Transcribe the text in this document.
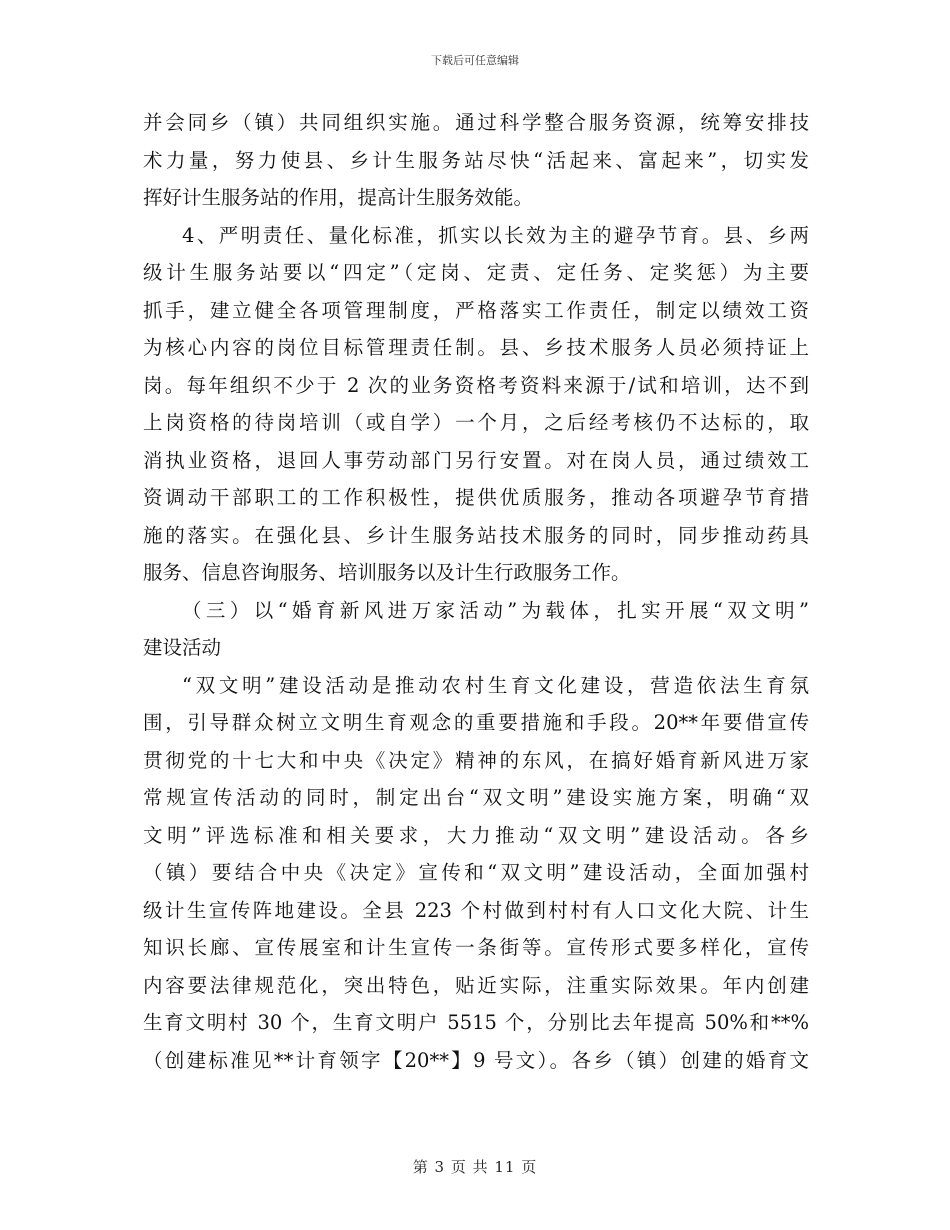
下载后可任意编辑
并会同乡（镇）共同组织实施。通过科学整合服务资源，统筹安排技
术力量，努力使县、乡计生服务站尽快“活起来、富起来”，切实发
挥好计生服务站的作用，提高计生服务效能。
4、严明责任、量化标准，抓实以长效为主的避孕节育。县、乡两
级计生服务站要以“四定”（定岗、定责、定任务、定奖惩）为主要
抓手，建立健全各项管理制度，严格落实工作责任，制定以绩效工资
为核心内容的岗位目标管理责任制。县、乡技术服务人员必须持证上
岗。每年组织不少于 2 次的业务资格考资料来源于/试和培训，达不到
上岗资格的待岗培训（或自学）一个月，之后经考核仍不达标的，取
消执业资格，退回人事劳动部门另行安置。对在岗人员，通过绩效工
资调动干部职工的工作积极性，提供优质服务，推动各项避孕节育措
施的落实。在强化县、乡计生服务站技术服务的同时，同步推动药具
服务、信息咨询服务、培训服务以及计生行政服务工作。
（三）以“婚育新风进万家活动”为载体，扎实开展“双文明”
建设活动
“双文明”建设活动是推动农村生育文化建设，营造依法生育氛
围，引导群众树立文明生育观念的重要措施和手段。20**年要借宣传
贯彻党的十七大和中央《决定》精神的东风，在搞好婚育新风进万家
常规宣传活动的同时，制定出台“双文明”建设实施方案，明确“双
文明”评选标准和相关要求，大力推动“双文明”建设活动。各乡
（镇）要结合中央《决定》宣传和“双文明”建设活动，全面加强村
级计生宣传阵地建设。全县 223 个村做到村村有人口文化大院、计生
知识长廊、宣传展室和计生宣传一条街等。宣传形式要多样化，宣传
内容要法律规范化，突出特色，贴近实际，注重实际效果。年内创建
生育文明村 30 个，生育文明户 5515 个，分别比去年提高 50%和**%
（创建标准见**计育领字【20**】9 号文）。各乡（镇）创建的婚育文
第 3 页 共 11 页
